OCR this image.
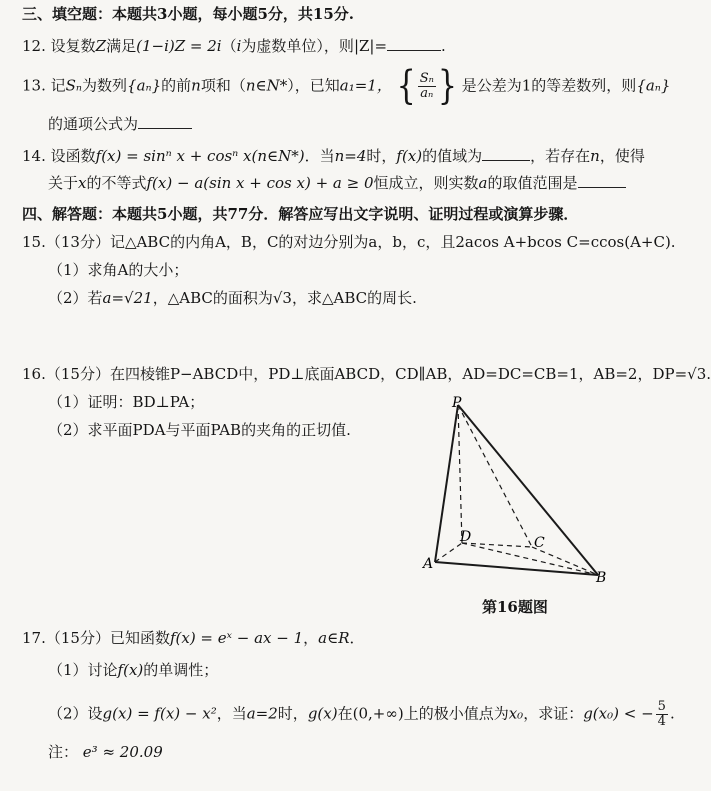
三、填空题：本题共3小题，每小题5分，共15分.
12. 设复数Z满足(1−i)Z = 2i（i为虚数单位），则|Z|=	.
13. 记Sₙ为数列{aₙ}的前n项和（n∈N*），已知a₁=1， { $\frac{\text{Sₙ}}{\text{aₙ}}$ } 是公差为1的等差数列，则{aₙ}
的通项公式为
14. 设函数f(x) = sinⁿ x + cosⁿ x(n∈N*)．当n=4时，f(x)的值域为	，若存在n，使得
关于x的不等式f(x) − a(sin x + cos x) + a ≥ 0恒成立，则实数a的取值范围是
四、解答题：本题共5小题，共77分．解答应写出文字说明、证明过程或演算步骤．
15.（13分）记△ABC的内角A，B，C的对边分别为a，b，c，且2acos A+bcos C=ccos(A+C).
（1）求角A的大小；
（2）若a=√21，△ABC的面积为√3，求△ABC的周长.
16.（15分）在四棱锥P−ABCD中，PD⊥底面ABCD，CD∥AB，AD=DC=CB=1，AB=2，DP=√3.
（1）证明：BD⊥PA；
（2）求平面PDA与平面PAB的夹角的正切值.
P
D	C
A
B
第16题图
17.（15分）已知函数f(x) = eˣ − ax − 1，a∈R．
（1）讨论f(x)的单调性；
（2）设g(x) = f(x) − x²，当a=2时，g(x)在(0,+∞)上的极小值点为x₀，求证：g(x₀) < − $\frac{5}{4}$ .
注： e³ ≈ 20.09
